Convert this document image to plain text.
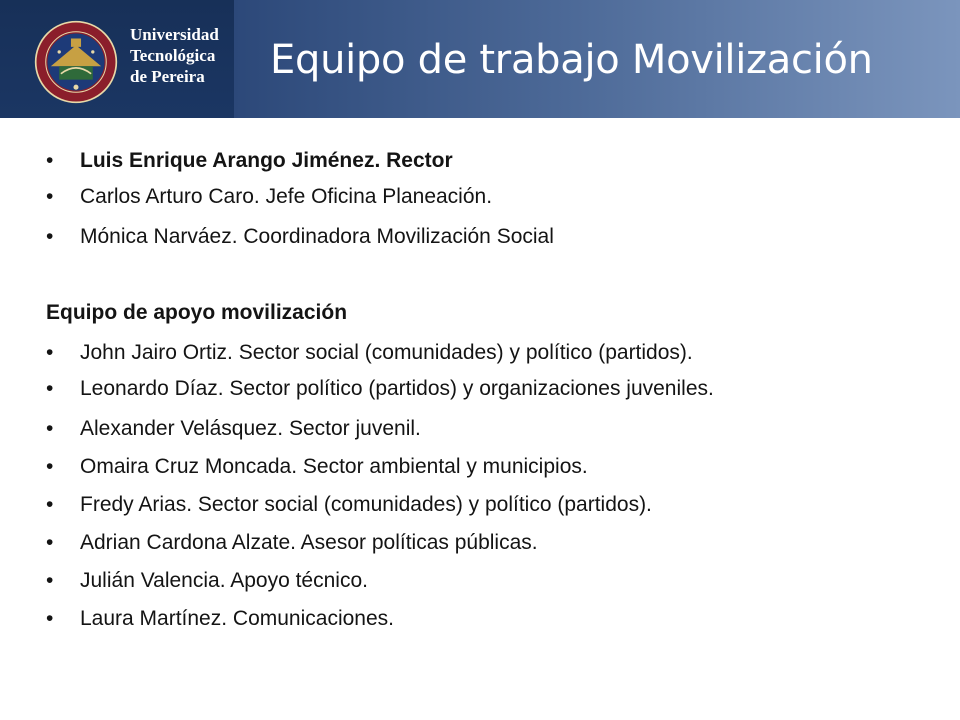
Universidad
Tecnológica
de Pereira	Equipo de trabajo Movilización
• Luis Enrique Arango Jiménez. Rector
• Carlos Arturo Caro. Jefe Oficina Planeación.
• Mónica Narváez. Coordinadora Movilización Social
Equipo de apoyo movilización
• John Jairo Ortiz. Sector social (comunidades) y político (partidos).
• Leonardo Díaz. Sector político (partidos) y organizaciones juveniles.
• Alexander Velásquez. Sector juvenil.
• Omaira Cruz Moncada. Sector ambiental y municipios.
• Fredy Arias. Sector social (comunidades) y político (partidos).
• Adrian Cardona Alzate. Asesor políticas públicas.
• Julián Valencia. Apoyo técnico.
• Laura Martínez. Comunicaciones.
